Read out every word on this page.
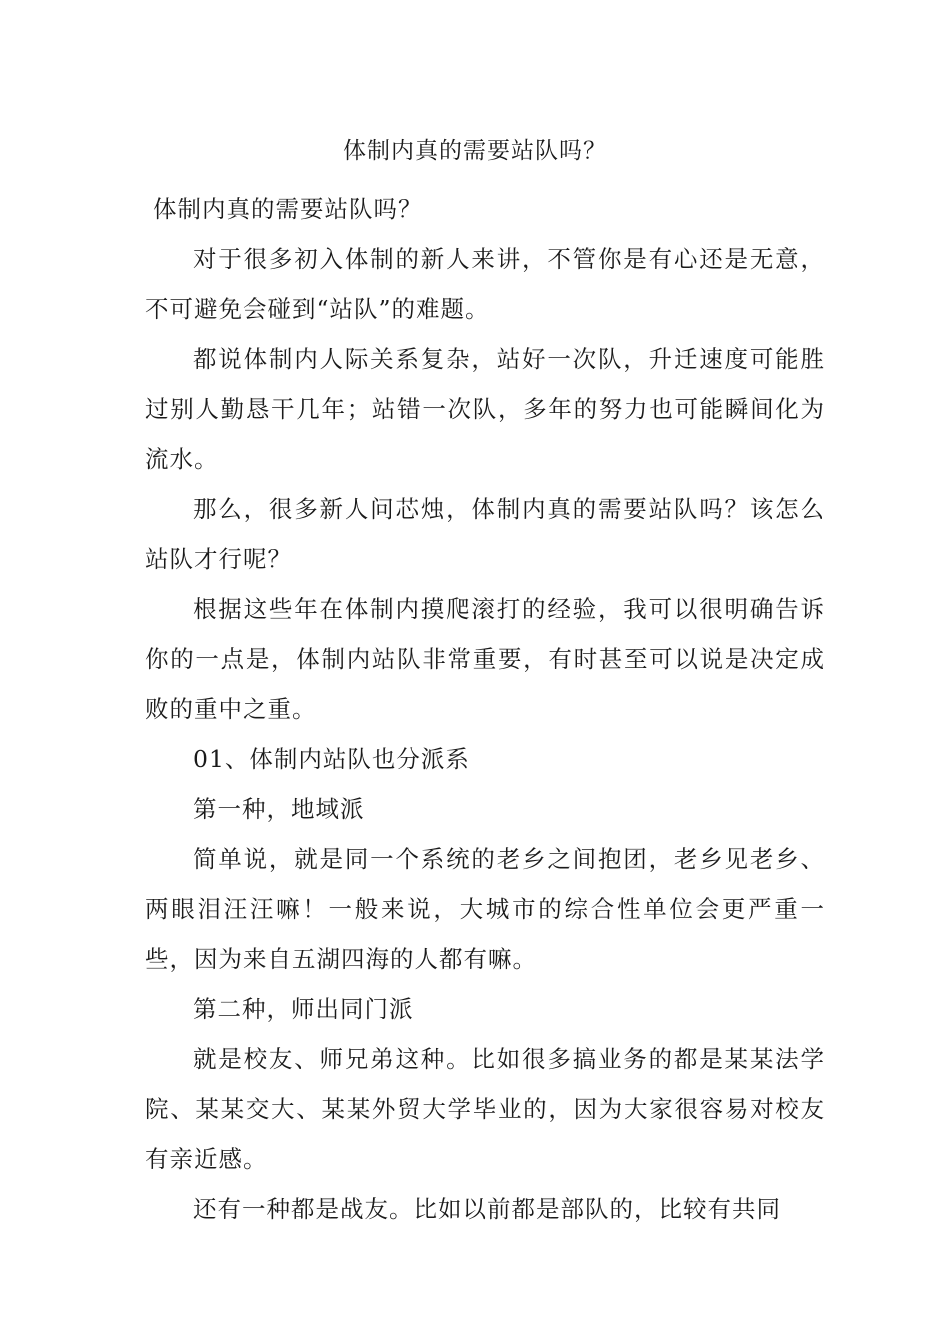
体制内真的需要站队吗？

体制内真的需要站队吗？

对于很多初入体制的新人来讲，不管你是有心还是无意，不可避免会碰到“站队”的难题。

都说体制内人际关系复杂，站好一次队，升迁速度可能胜过别人勤恳干几年；站错一次队，多年的努力也可能瞬间化为流水。

那么，很多新人问芯烛，体制内真的需要站队吗？该怎么站队才行呢？

根据这些年在体制内摸爬滚打的经验，我可以很明确告诉你的一点是，体制内站队非常重要，有时甚至可以说是决定成败的重中之重。

01、体制内站队也分派系

第一种，地域派

简单说，就是同一个系统的老乡之间抱团，老乡见老乡、两眼泪汪汪嘛！一般来说，大城市的综合性单位会更严重一些，因为来自五湖四海的人都有嘛。

第二种，师出同门派

就是校友、师兄弟这种。比如很多搞业务的都是某某法学院、某某交大、某某外贸大学毕业的，因为大家很容易对校友有亲近感。

还有一种都是战友。比如以前都是部队的，比较有共同
